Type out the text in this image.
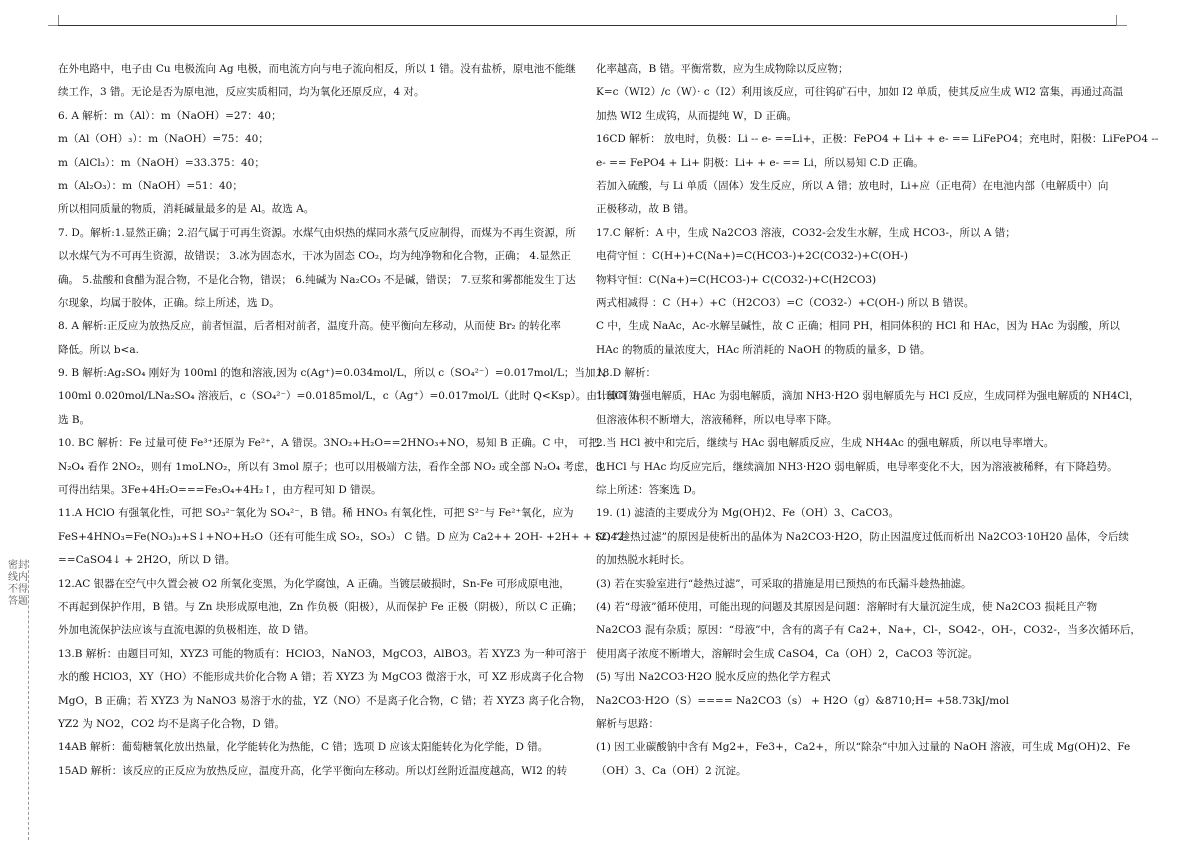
密封线内不得答题
在外电路中，电子由 Cu 电极流向 Ag 电极，而电流方向与电子流向相反，所以 1 错。没有盐桥，原电池不能继
续工作，3 错。无论是否为原电池，反应实质相同，均为氧化还原反应，4 对。
6. A 解析：m（Al）：m（NaOH）=27：40；
m（Al（OH）₃）：m（NaOH）=75：40；
m（AlCl₃）：m（NaOH）=33.375：40；
m（Al₂O₃）：m（NaOH）=51：40；
所以相同质量的物质，消耗碱量最多的是 Al。故选 A。
7. D。解析:1.显然正确；2.沼气属于可再生资源。水煤气由炽热的煤同水蒸气反应制得，而煤为不再生资源，所
以水煤气为不可再生资源，故错误； 3.冰为固态水，干冰为固态 CO₂，均为纯净物和化合物，正确； 4.显然正
确。 5.盐酸和食醋为混合物，不是化合物，错误； 6.纯碱为 Na₂CO₃ 不是碱，错误； 7.豆浆和雾都能发生丁达
尔现象，均属于胶体，正确。综上所述，选 D。
8. A 解析:正反应为放热反应，前者恒温，后者相对前者，温度升高。使平衡向左移动，从而使 Br₂ 的转化率
降低。所以 b<a.
9. B 解析:Ag₂SO₄ 刚好为 100ml 的饱和溶液,因为 c(Ag⁺)=0.034mol/L，所以 c（SO₄²⁻）=0.017mol/L；当加入
100ml 0.020mol/LNa₂SO₄ 溶液后，c（SO₄²⁻）=0.0185mol/L，c（Ag⁺）=0.017mol/L（此时 Q<Ksp）。由计算可知
选 B。
10. BC 解析：Fe 过量可使 Fe³⁺还原为 Fe²⁺，A 错误。3NO₂+H₂O==2HNO₃+NO，易知 B 正确。C 中， 可把
N₂O₄ 看作 2NO₂，则有 1moLNO₂，所以有 3mol 原子；也可以用极端方法，看作全部 NO₂ 或全部 N₂O₄ 考虑，也
可得出结果。3Fe+4H₂O===Fe₃O₄+4H₂↑，由方程可知 D 错误。
11.A HClO 有强氧化性，可把 SO₃²⁻氧化为 SO₄²⁻，B 错。稀 HNO₃ 有氧化性，可把 S²⁻与 Fe²⁺氧化，应为
FeS+4HNO₃=Fe(NO₃)₃+S↓+NO+H₂O（还有可能生成 SO₂，SO₃） C 错。D 应为 Ca2++ 2OH- +2H+ + SO42-
==CaSO4↓ + 2H2O，所以 D 错。
12.AC 银器在空气中久置会被 O2 所氧化变黑，为化学腐蚀，A 正确。当镀层破损时，Sn-Fe 可形成原电池，
不再起到保护作用，B 错。与 Zn 块形成原电池，Zn 作负极（阳极），从而保护 Fe 正极（阴极），所以 C 正确；
外加电流保护法应该与直流电源的负极相连，故 D 错。
13.B 解析：由题目可知，XYZ3 可能的物质有：HClO3，NaNO3，MgCO3，AlBO3。若 XYZ3 为一种可溶于
水的酸 HClO3，XY（HO）不能形成共价化合物 A 错；若 XYZ3 为 MgCO3 微溶于水，可 XZ 形成离子化合物
MgO，B 正确；若 XYZ3 为 NaNO3 易溶于水的盐，YZ（NO）不是离子化合物，C 错；若 XYZ3 离子化合物，
YZ2 为 NO2，CO2 均不是离子化合物，D 错。
14AB 解析：葡萄糖氧化放出热量，化学能转化为热能，C 错；选项 D 应该太阳能转化为化学能，D 错。
15AD 解析：该反应的正反应为放热反应，温度升高，化学平衡向左移动。所以灯丝附近温度越高，WI2 的转
化率越高，B 错。平衡常数，应为生成物除以反应物；
K=c（WI2）/c（W）· c（I2）利用该反应，可往钨矿石中，加如 I2 单质，使其反应生成 WI2 富集，再通过高温
加热 WI2 生成钨，从而提纯 W，D 正确。
16CD 解析： 放电时，负极：Li -- e- ==Li+，正极：FePO4 + Li+ + e- == LiFePO4；充电时，阳极：LiFePO4 --
e- == FePO4 + Li+ 阴极：Li+ + e- == Li，所以易知 C.D 正确。
若加入硫酸，与 Li 单质（固体）发生反应，所以 A 错；放电时，Li+应（正电荷）在电池内部（电解质中）向
正极移动，故 B 错。
17.C 解析：A 中，生成 Na2CO3 溶液，CO32-会发生水解，生成 HCO3-，所以 A 错；
电荷守恒 ：C(H+)+C(Na+)=C(HCO3-)+2C(CO32-)+C(OH-)
物料守恒：C(Na+)=C(HCO3-)+ C(CO32-)+C(H2CO3)
两式相减得 ：C（H+）+C（H2CO3）=C（CO32-）+C(OH-) 所以 B 错误。
C 中，生成 NaAc，Ac-水解呈碱性，故 C 正确；相同 PH，相同体积的 HCl 和 HAc，因为 HAc 为弱酸，所以
HAc 的物质的量浓度大，HAc 所消耗的 NaOH 的物质的量多，D 错。
18.D 解析：
1.HCl 为强电解质，HAc 为弱电解质，滴加 NH3·H2O 弱电解质先与 HCl 反应，生成同样为强电解质的 NH4Cl，
但溶液体积不断增大，溶液稀释，所以电导率下降。
2.当 HCl 被中和完后，继续与 HAc 弱电解质反应，生成 NH4Ac 的强电解质，所以电导率增大。
3.HCl 与 HAc 均反应完后，继续滴加 NH3·H2O 弱电解质，电导率变化不大，因为溶液被稀释，有下降趋势。
综上所述：答案选 D。
19. (1) 滤渣的主要成分为 Mg(OH)2、Fe（OH）3、CaCO3。
(2) “趁热过滤”的原因是使析出的晶体为 Na2CO3·H2O，防止因温度过低而析出 Na2CO3·10H20 晶体，令后续
的加热脱水耗时长。
(3) 若在实验室进行“趁热过滤”，可采取的措施是用已预热的布氏漏斗趁热抽滤。
(4) 若“母液”循环使用，可能出现的问题及其原因是问题：溶解时有大量沉淀生成，使 Na2CO3 损耗且产物
Na2CO3 混有杂质；原因：“母液”中，含有的离子有 Ca2+，Na+，Cl-，SO42-，OH-，CO32-，当多次循环后，
使用离子浓度不断增大，溶解时会生成 CaSO4，Ca（OH）2，CaCO3 等沉淀。
(5) 写出 Na2CO3·H2O 脱水反应的热化学方程式
Na2CO3·H2O（S）==== Na2CO3（s） + H2O（g）&8710;H= +58.73kJ/mol
解析与思路：
(1) 因工业碳酸钠中含有 Mg2+，Fe3+，Ca2+，所以“除杂”中加入过量的 NaOH 溶液，可生成 Mg(OH)2、Fe
（OH）3、Ca（OH）2 沉淀。
